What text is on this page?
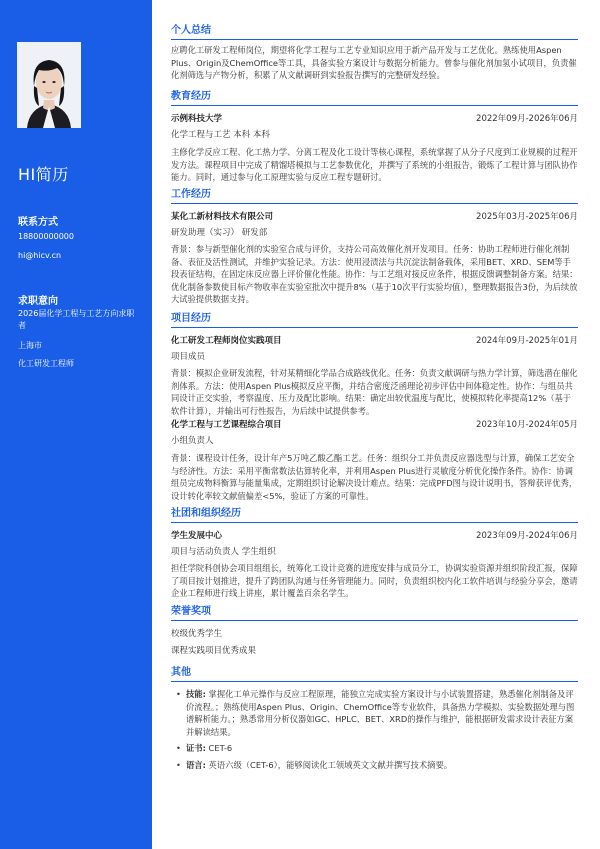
HI简历
联系方式
18800000000
hi@hicv.cn
求职意向
2026届化学工程与工艺方向求职者
上海市
化工研发工程师
个人总结
应聘化工研发工程师岗位，期望将化学工程与工艺专业知识应用于新产品开发与工艺优化。熟练使用Aspen Plus、Origin及ChemOffice等工具，具备实验方案设计与数据分析能力。曾参与催化剂加氢小试项目，负责催化剂筛选与产物分析，积累了从文献调研到实验报告撰写的完整研发经验。
教育经历
示例科技大学	2022年09月-2026年06月
化学工程与工艺 本科 本科
主修化学反应工程、化工热力学、分离工程及化工设计等核心课程，系统掌握了从分子尺度到工业规模的过程开发方法。课程项目中完成了精馏塔模拟与工艺参数优化，并撰写了系统的小组报告，锻炼了工程计算与团队协作能力。同时，通过参与化工原理实验与反应工程专题研讨。
工作经历
某化工新材料技术有限公司	2025年03月-2025年06月
研发助理（实习） 研发部
背景：参与新型催化剂的实验室合成与评价，支持公司高效催化剂开发项目。任务：协助工程师进行催化剂制备、表征及活性测试，并维护实验记录。方法：使用浸渍法与共沉淀法制备载体，采用BET、XRD、SEM等手段表征结构，在固定床反应器上评价催化性能。协作：与工艺组对接反应条件，根据反馈调整制备方案。结果：优化制备参数使目标产物收率在实验室批次中提升8%（基于10次平行实验均值），整理数据报告3份，为后续放大试验提供数据支持。
项目经历
化工研发工程师岗位实践项目	2024年09月-2025年01月
项目成员
背景：模拟企业研发流程，针对某精细化学品合成路线优化。任务：负责文献调研与热力学计算，筛选潜在催化剂体系。方法：使用Aspen Plus模拟反应平衡，并结合密度泛函理论初步评估中间体稳定性。协作：与组员共同设计正交实验，考察温度、压力及配比影响。结果：确定出较优温度与配比，使模拟转化率提高12%（基于软件计算），并输出可行性报告，为后续中试提供参考。
化学工程与工艺课程综合项目	2023年10月-2024年05月
小组负责人
背景：课程设计任务，设计年产5万吨乙酸乙酯工艺。任务：组织分工并负责反应器选型与计算，确保工艺安全与经济性。方法：采用平衡常数法估算转化率，并利用Aspen Plus进行灵敏度分析优化操作条件。协作：协调组员完成物料衡算与能量集成，定期组织讨论解决设计难点。结果：完成PFD图与设计说明书，答辩获评优秀，设计转化率较文献值偏差<5%，验证了方案的可靠性。
社团和组织经历
学生发展中心	2023年09月-2024年06月
项目与活动负责人 学生组织
担任学院科创协会项目组组长，统筹化工设计竞赛的进度安排与成员分工，协调实验资源并组织阶段汇报，保障了项目按计划推进，提升了跨团队沟通与任务管理能力。同时，负责组织校内化工软件培训与经验分享会，邀请企业工程师进行线上讲座，累计覆盖百余名学生。
荣誉奖项
校级优秀学生
课程实践项目优秀成果
其他
• 技能: 掌握化工单元操作与反应工程原理，能独立完成实验方案设计与小试装置搭建，熟悉催化剂制备及评价流程。；熟练使用Aspen Plus、Origin、ChemOffice等专业软件，具备热力学模拟、实验数据处理与图谱解析能力。；熟悉常用分析仪器如GC、HPLC、BET、XRD的操作与维护，能根据研发需求设计表征方案并解读结果。
• 证书: CET-6
• 语言: 英语六级（CET-6），能够阅读化工领域英文文献并撰写技术摘要。
